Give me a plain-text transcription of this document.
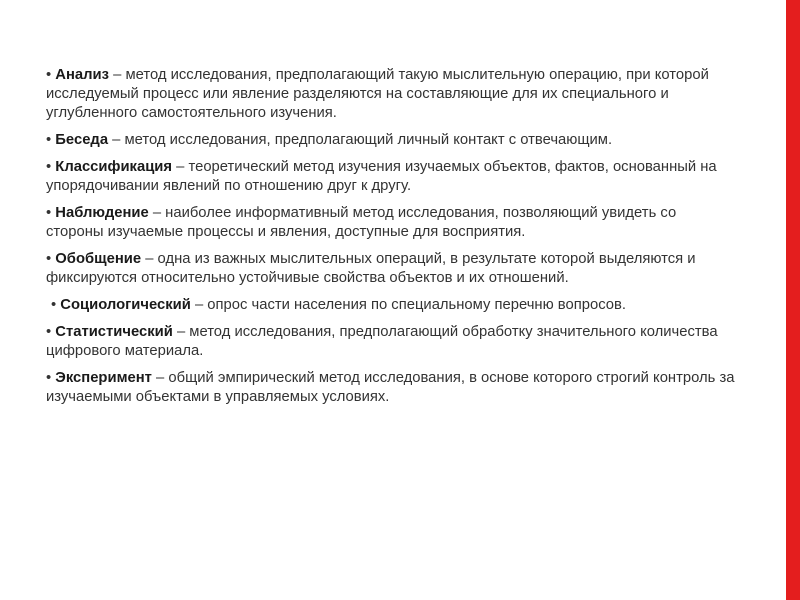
• Анализ – метод исследования, предполагающий такую мыслительную операцию, при которой исследуемый процесс или явление разделяются на составляющие для их специального и углубленного самостоятельного изучения.

• Беседа – метод исследования, предполагающий личный контакт с отвечающим.

• Классификация – теоретический метод изучения изучаемых объектов, фактов, основанный на упорядочивании явлений по отношению друг к другу.

• Наблюдение – наиболее информативный метод исследования, позволяющий увидеть со стороны изучаемые процессы и явления, доступные для восприятия.

• Обобщение – одна из важных мыслительных операций, в результате которой выделяются и фиксируются относительно устойчивые свойства объектов и их отношений.

• Социологический – опрос части населения по специальному перечню вопросов.

• Статистический – метод исследования, предполагающий обработку значительного количества цифрового материала.

• Эксперимент – общий эмпирический метод исследования, в основе которого строгий контроль за изучаемыми объектами в управляемых условиях.
